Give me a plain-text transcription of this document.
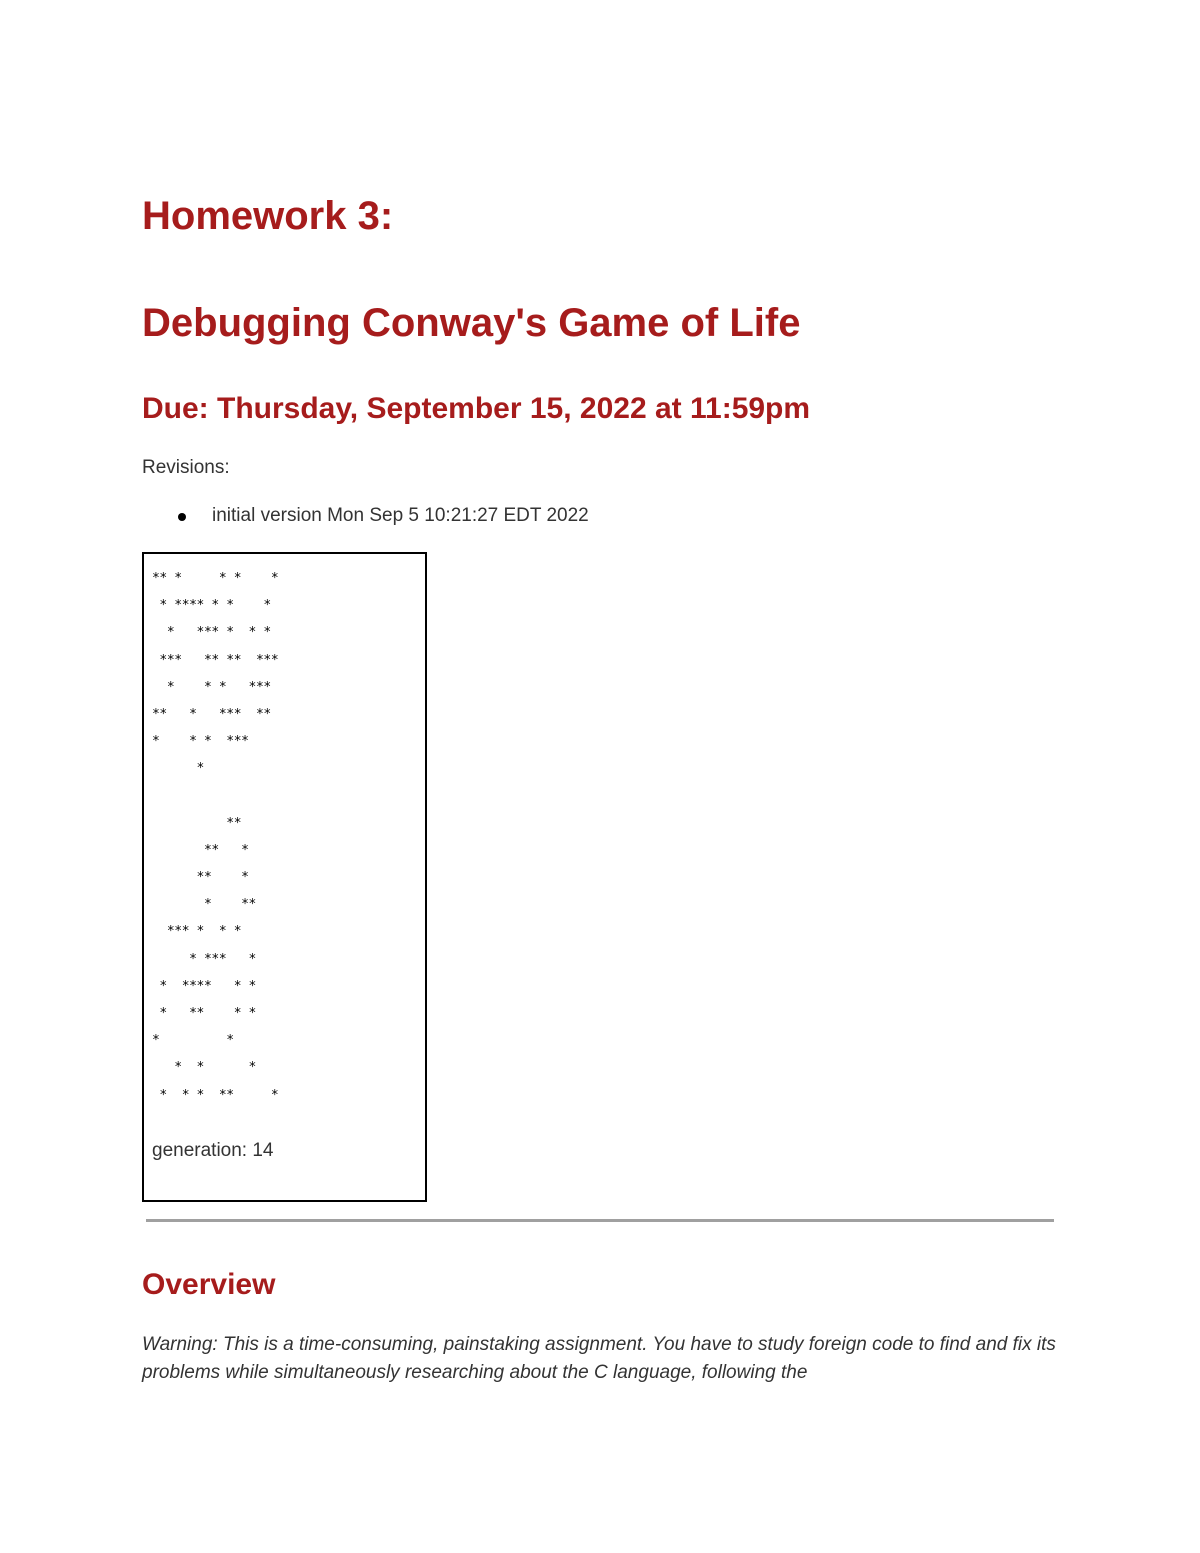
Homework 3:
Debugging Conway's Game of Life
Due: Thursday, September 15, 2022 at 11:59pm
Revisions:
initial version Mon Sep 5 10:21:27 EDT 2022
** *     * *    *
* **** * *    *
*   *** *  * *
***   ** **  ***
*    * *   ***
**   *   ***  **
*    * *  ***
*
**
**   *
**    *
*    **
*** *  * *
* ***   *
*  ****   * *
*   **    * *
*         *
*  *      *
*  * *  **     *
generation: 14
Overview

Warning: This is a time-consuming, painstaking assignment. You have to study foreign code to find and fix its problems while simultaneously researching about the C language, following the
